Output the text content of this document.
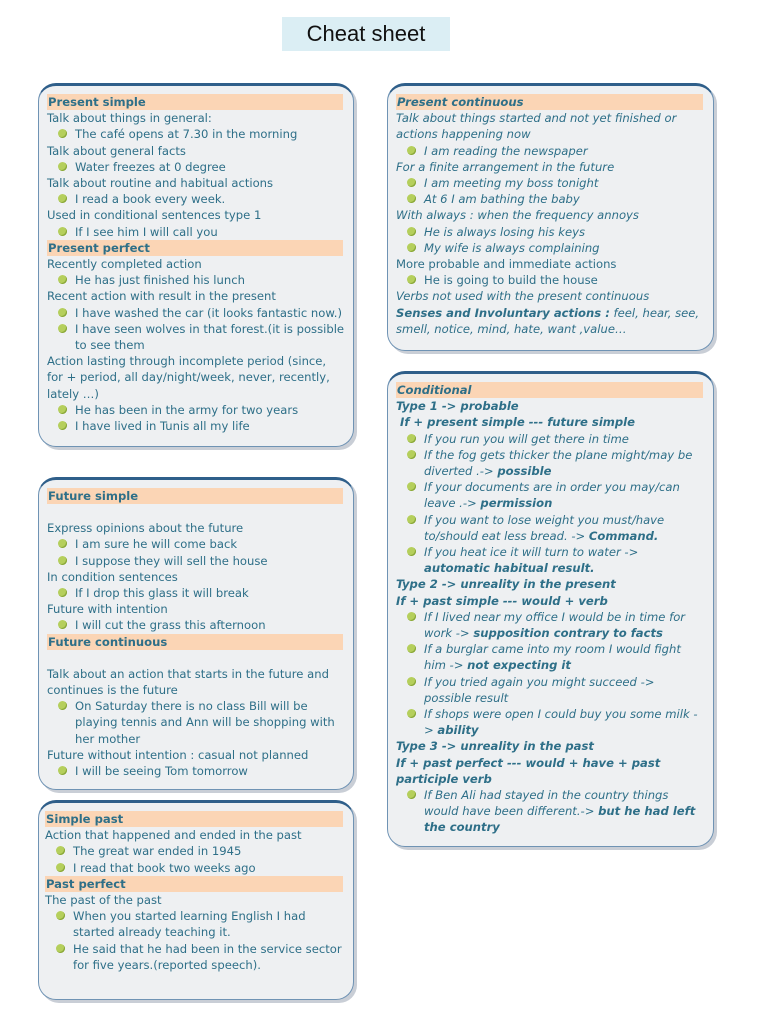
Cheat sheet
Present simple
Talk about things in general:
The café opens at 7.30 in the morning
Talk about general facts
Water freezes at 0 degree
Talk about routine and habitual actions
I read a book every week.
Used in conditional sentences type 1
If I see him I will call you
Present perfect
Recently completed action
He has just finished his lunch
Recent action with result in the present
I have washed the car (it looks fantastic now.)
I have seen wolves in that forest.(it is possible to see them
Action lasting through incomplete period (since, for + period, all day/night/week, never, recently, lately …)
He has been in the army for two years
I have lived in Tunis all my life
Present continuous
Talk about things started and not yet finished or actions happening now
I am reading the newspaper
For a finite arrangement in the future
I am meeting my boss tonight
At 6 I am bathing the baby
With always : when the frequency annoys
He is always losing his keys
My wife is always complaining
More probable and immediate actions
He is going to build the house
Verbs not used with the present continuous
Senses and Involuntary actions : feel, hear, see, smell, notice, mind, hate, want ,value…
Future simple
Express opinions about the future
I am sure he will come back
I suppose they will sell the house
In condition sentences
If I drop this glass it will break
Future with intention
I will cut the grass this afternoon
Future continuous
Talk about an action that starts in the future and continues is the future
On Saturday there is no class Bill will be playing tennis and Ann will be shopping with her mother
Future without intention : casual not planned
I will be seeing Tom tomorrow
Simple past
Action that happened and ended in the past
The great war ended in 1945
I read that book two weeks ago
Past perfect
The past of the past
When you started learning English I had started already teaching it.
He said that he had been in the service sector for five years.(reported speech).
Conditional
Type 1 -> probable
If + present simple --- future simple
If you run you will get there in time
If the fog gets thicker the plane might/may be diverted .-> possible
If your documents are in order you may/can leave .-> permission
If you want to lose weight you must/have to/should eat less bread. -> Command.
If you heat ice it will turn to water -> automatic habitual result.
Type 2 -> unreality in the present
If + past simple --- would + verb
If I lived near my office I would be in time for work -> supposition contrary to facts
If a burglar came into my room I would fight him -> not expecting it
If you tried again you might succeed -> possible result
If shops were open I could buy you some milk -> ability
Type 3 -> unreality in the past
If + past perfect --- would + have + past participle verb
If Ben Ali had stayed in the country things would have been different.-> but he had left the country
